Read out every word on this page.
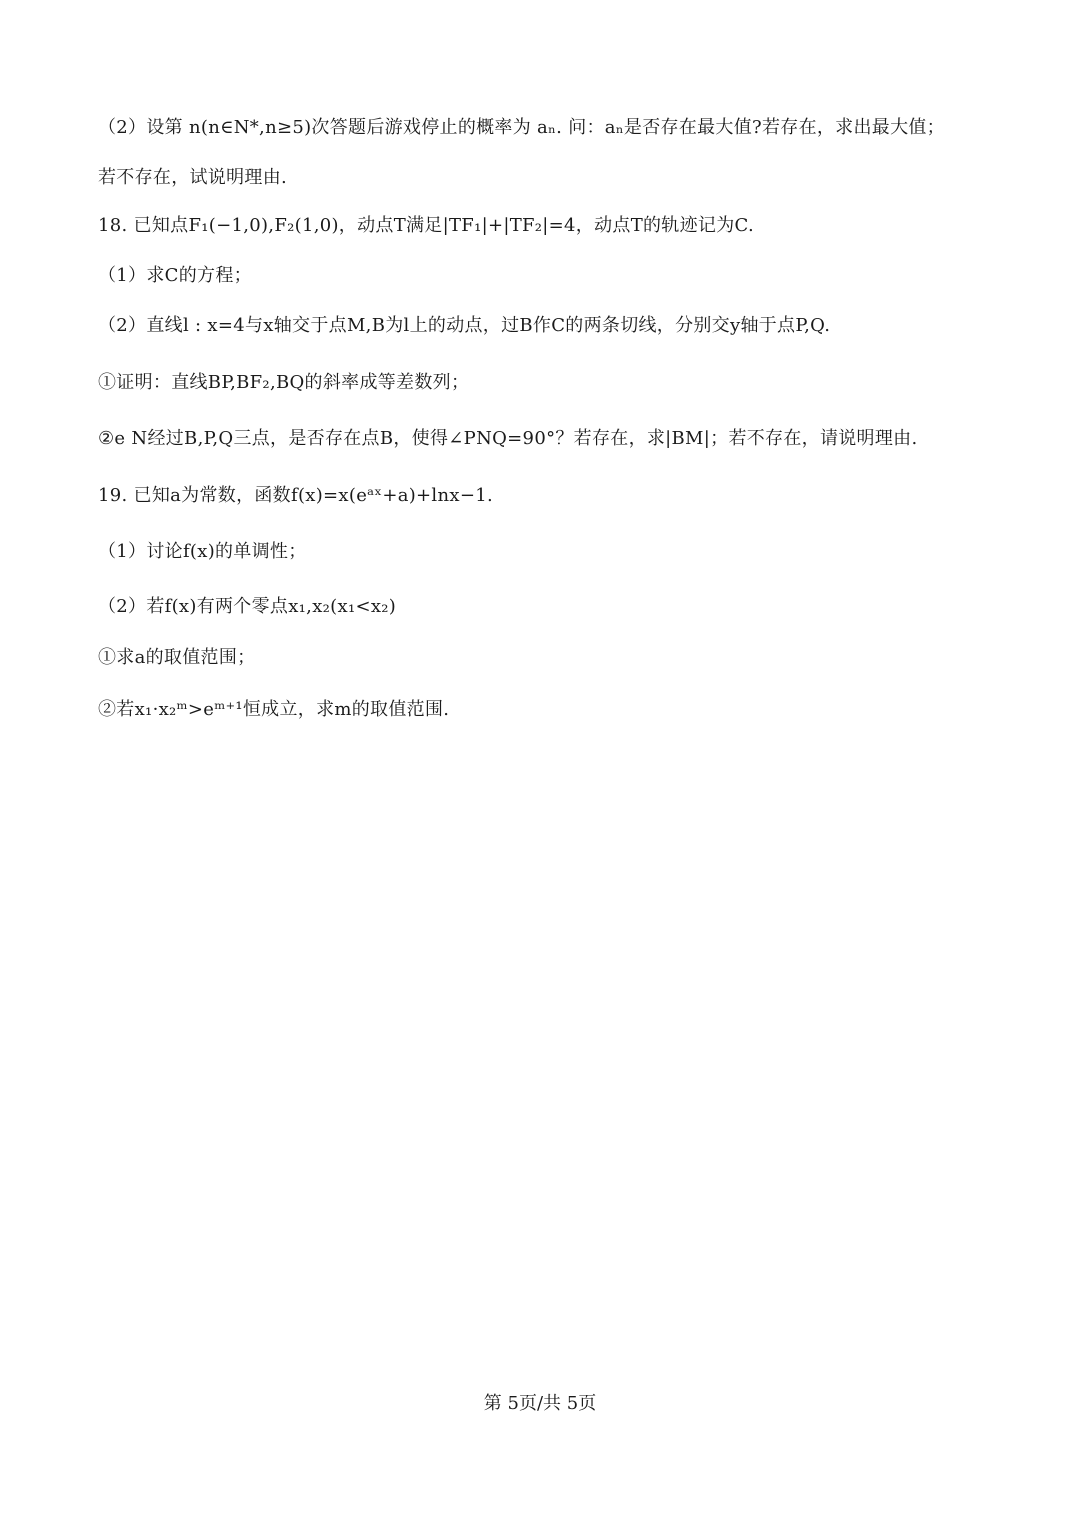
（2）设第 n(n∈N*,n≥5)次答题后游戏停止的概率为 aₙ. 问：aₙ是否存在最大值?若存在，求出最大值；
若不存在，试说明理由.
18. 已知点F₁(−1,0),F₂(1,0)，动点T满足|TF₁|+|TF₂|=4，动点T的轨迹记为C.
（1）求C的方程；
（2）直线l : x=4与x轴交于点M,B为l上的动点，过B作C的两条切线，分别交y轴于点P,Q.
①证明：直线BP,BF₂,BQ的斜率成等差数列；
②e N经过B,P,Q三点，是否存在点B，使得∠PNQ=90°？若存在，求|BM|；若不存在，请说明理由.
19. 已知a为常数，函数f(x)=x(eᵃˣ+a)+lnx−1.
（1）讨论f(x)的单调性；
（2）若f(x)有两个零点x₁,x₂(x₁<x₂)
①求a的取值范围；
②若x₁·x₂ᵐ>eᵐ⁺¹恒成立，求m的取值范围.
第 5页/共 5页
